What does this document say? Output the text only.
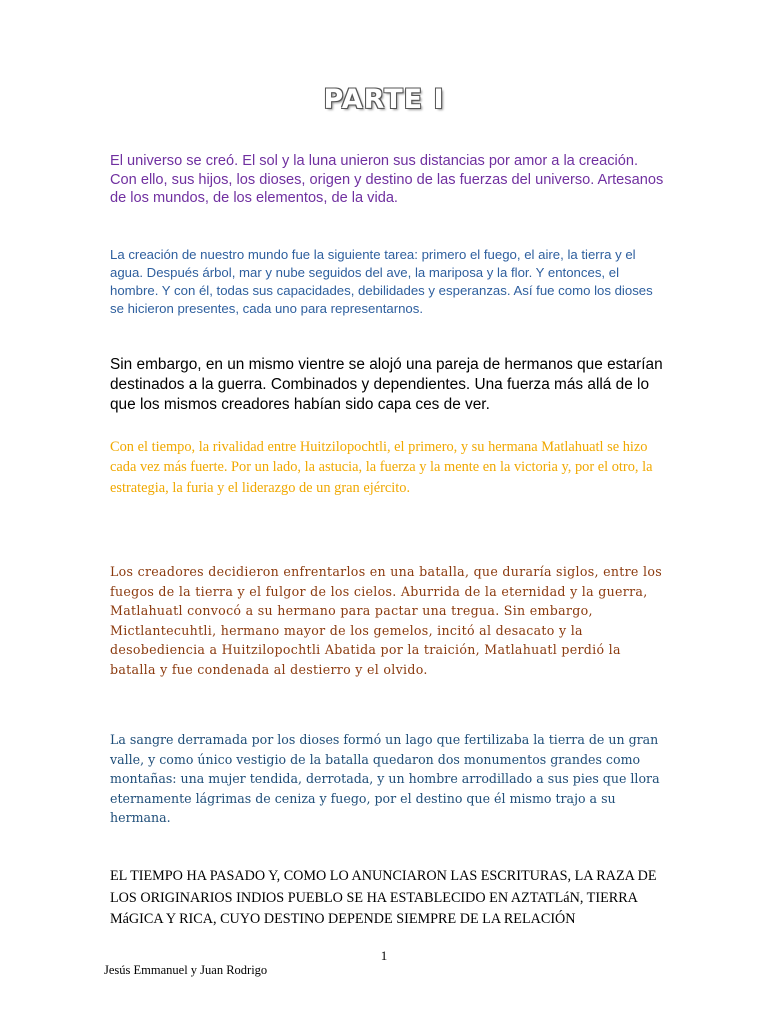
PARTE I

El universo se creó. El sol y la luna unieron sus distancias por amor a la creación. Con ello, sus hijos, los dioses, origen y destino de las fuerzas del universo. Artesanos de los mundos, de los elementos, de la vida.

La creación de nuestro mundo fue la siguiente tarea: primero el fuego, el aire, la tierra y el agua. Después árbol, mar y nube seguidos del ave, la mariposa y la flor. Y entonces, el hombre. Y con él, todas sus capacidades, debilidades y esperanzas. Así fue como los dioses se hicieron presentes, cada uno para representarnos.

Sin embargo, en un mismo vientre se alojó una pareja de hermanos que estarían destinados a la guerra. Combinados y dependientes. Una fuerza más allá de lo que los mismos creadores habían sido capa ces de ver.

Con el tiempo, la rivalidad entre Huitzilopochtli, el primero, y su hermana Matlahuatl se hizo cada vez más fuerte. Por un lado, la astucia, la fuerza y la mente en la victoria y, por el otro, la estrategia, la furia y el liderazgo de un gran ejército.

Los creadores decidieron enfrentarlos en una batalla, que duraría siglos, entre los fuegos de la tierra y el fulgor de los cielos. Aburrida de la eternidad y la guerra, Matlahuatl convocó a su hermano para pactar una tregua. Sin embargo, Mictlantecuhtli, hermano mayor de los gemelos, incitó al desacato y la desobediencia a Huitzilopochtli Abatida por la traición, Matlahuatl perdió la batalla y fue condenada al destierro y el olvido.

La sangre derramada por los dioses formó un lago que fertilizaba la tierra de un gran valle, y como único vestigio de la batalla quedaron dos monumentos grandes como montañas: una mujer tendida, derrotada, y un hombre arrodillado a sus pies que llora eternamente lágrimas de ceniza y fuego, por el destino que él mismo trajo a su hermana.

EL TIEMPO HA PASADO Y, COMO LO ANUNCIARON LAS ESCRITURAS, LA RAZA DE LOS ORIGINARIOS INDIOS PUEBLO SE HA ESTABLECIDO EN AZTATLáN, TIERRA MáGICA Y RICA, CUYO DESTINO DEPENDE SIEMPRE DE LA RELACIÓN

1
Jesús Emmanuel y Juan Rodrigo
